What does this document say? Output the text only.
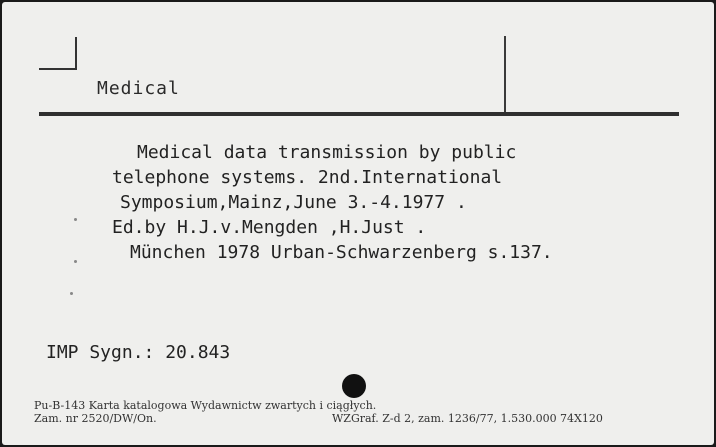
Medical
Medical data transmission by public
telephone systems. 2nd.International
Symposium,Mainz,June 3.-4.1977 .
Ed.by H.J.v.Mengden ,H.Just .
München 1978 Urban-Schwarzenberg s.137.
IMP Sygn.: 20.843
Pu-B-143 Karta katalogowa Wydawnictw zwartych i ciągłych.
Zam. nr 2520/DW/On.	WZGraf. Z-d 2, zam. 1236/77, 1.530.000 74X120
